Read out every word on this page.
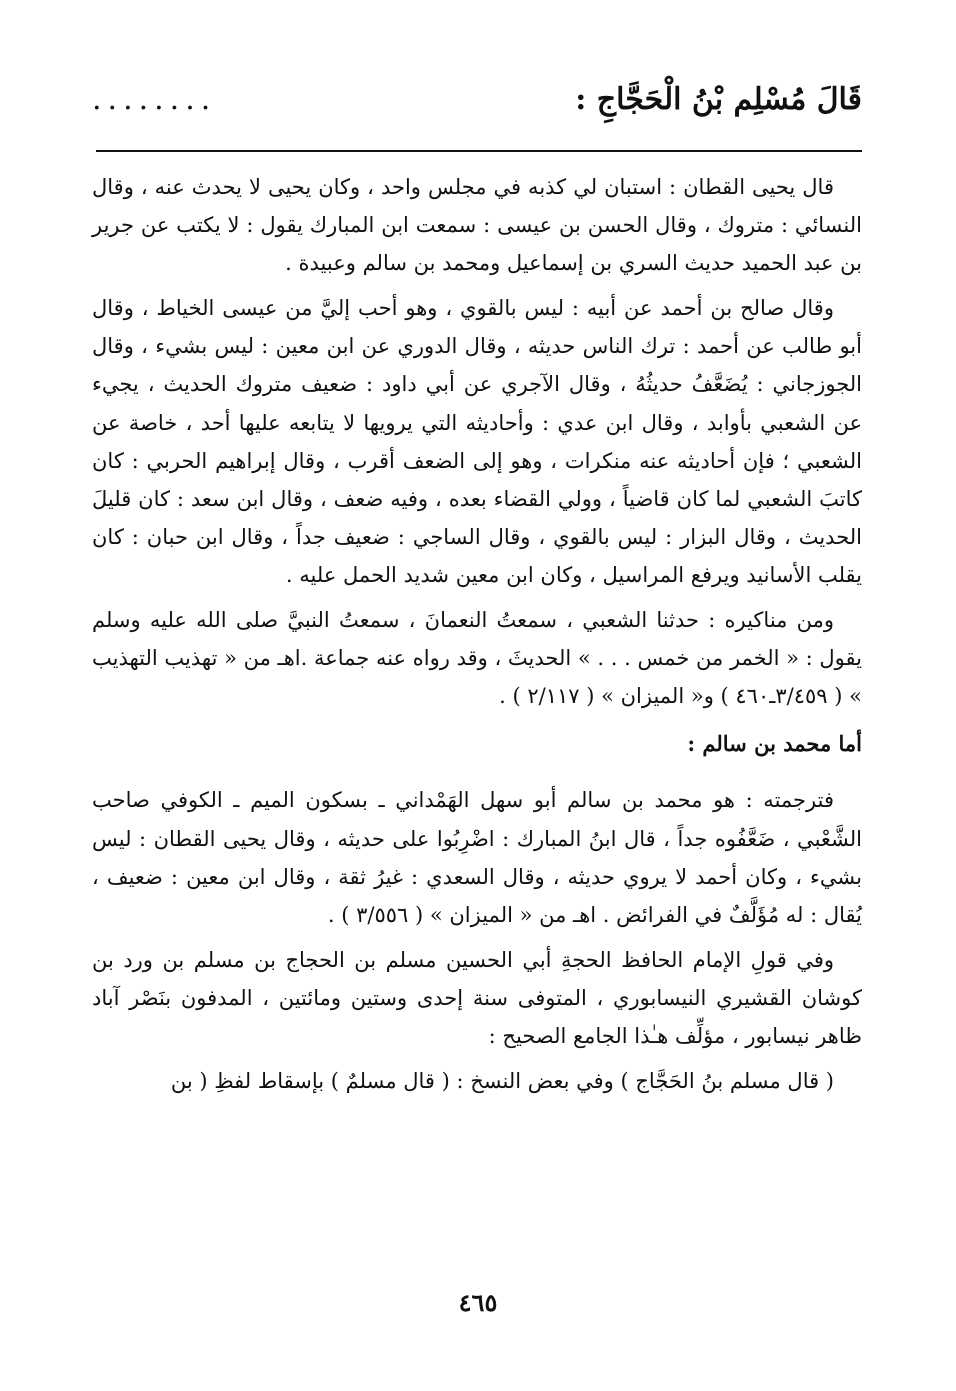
قَالَ مُسْلِم بْنُ الْحَجَّاجِ :
........

قال يحيى القطان : استبان لي كذبه في مجلس واحد ، وكان يحيى لا يحدث عنه ، وقال النسائي : متروك ، وقال الحسن بن عيسى : سمعت ابن المبارك يقول : لا يكتب عن جرير بن عبد الحميد حديث السري بن إسماعيل ومحمد بن سالم وعبيدة .

وقال صالح بن أحمد عن أبيه : ليس بالقوي ، وهو أحب إليَّ من عيسى الخياط ، وقال أبو طالب عن أحمد : ترك الناس حديثه ، وقال الدوري عن ابن معين : ليس بشيء ، وقال الجوزجاني : يُضَعَّفُ حديثُهُ ، وقال الآجري عن أبي داود : ضعيف متروك الحديث ، يجيء عن الشعبي بأوابد ، وقال ابن عدي : وأحاديثه التي يرويها لا يتابعه عليها أحد ، خاصة عن الشعبي ؛ فإن أحاديثه عنه منكرات ، وهو إلى الضعف أقرب ، وقال إبراهيم الحربي : كان كاتبَ الشعبي لما كان قاضياً ، وولي القضاء بعده ، وفيه ضعف ، وقال ابن سعد : كان قليلَ الحديث ، وقال البزار : ليس بالقوي ، وقال الساجي : ضعيف جداً ، وقال ابن حبان : كان يقلب الأسانيد ويرفع المراسيل ، وكان ابن معين شديد الحمل عليه .

ومن مناكيره : حدثنا الشعبي ، سمعتُ النعمانَ ، سمعتُ النبيَّ صلى الله عليه وسلم يقول : « الخمر من خمس . . . » الحديثَ ، وقد رواه عنه جماعة .اهـ من « تهذيب التهذيب » ( ٣/٤٥٩ـ٤٦٠ ) و« الميزان » ( ٢/١١٧ ) .

أما محمد بن سالم :

فترجمته : هو محمد بن سالم أبو سهل الهَمْداني ـ بسكون الميم ـ الكوفي صاحب الشَّعْبي ، ضَعَّفُوه جداً ، قال ابنُ المبارك : اضْرِبُوا على حديثه ، وقال يحيى القطان : ليس بشيء ، وكان أحمد لا يروي حديثه ، وقال السعدي : غيرُ ثقة ، وقال ابن معين : ضعيف ، يُقال : له مُؤَلَّفٌ في الفرائض . اهـ من « الميزان » ( ٣/٥٥٦ ) .

وفي قولِ الإمام الحافظ الحجةِ أبي الحسين مسلم بن الحجاج بن مسلم بن ورد بن كوشان القشيري النيسابوري ، المتوفى سنة إحدى وستين ومائتين ، المدفون بنَصْر آباد ظاهر نيسابور ، مؤلِّف هـٰذا الجامع الصحيح :

( قال مسلم بنُ الحَجَّاج ) وفي بعض النسخ : ( قال مسلمٌ ) بإسقاط لفظِ ( بن

٤٦٥
